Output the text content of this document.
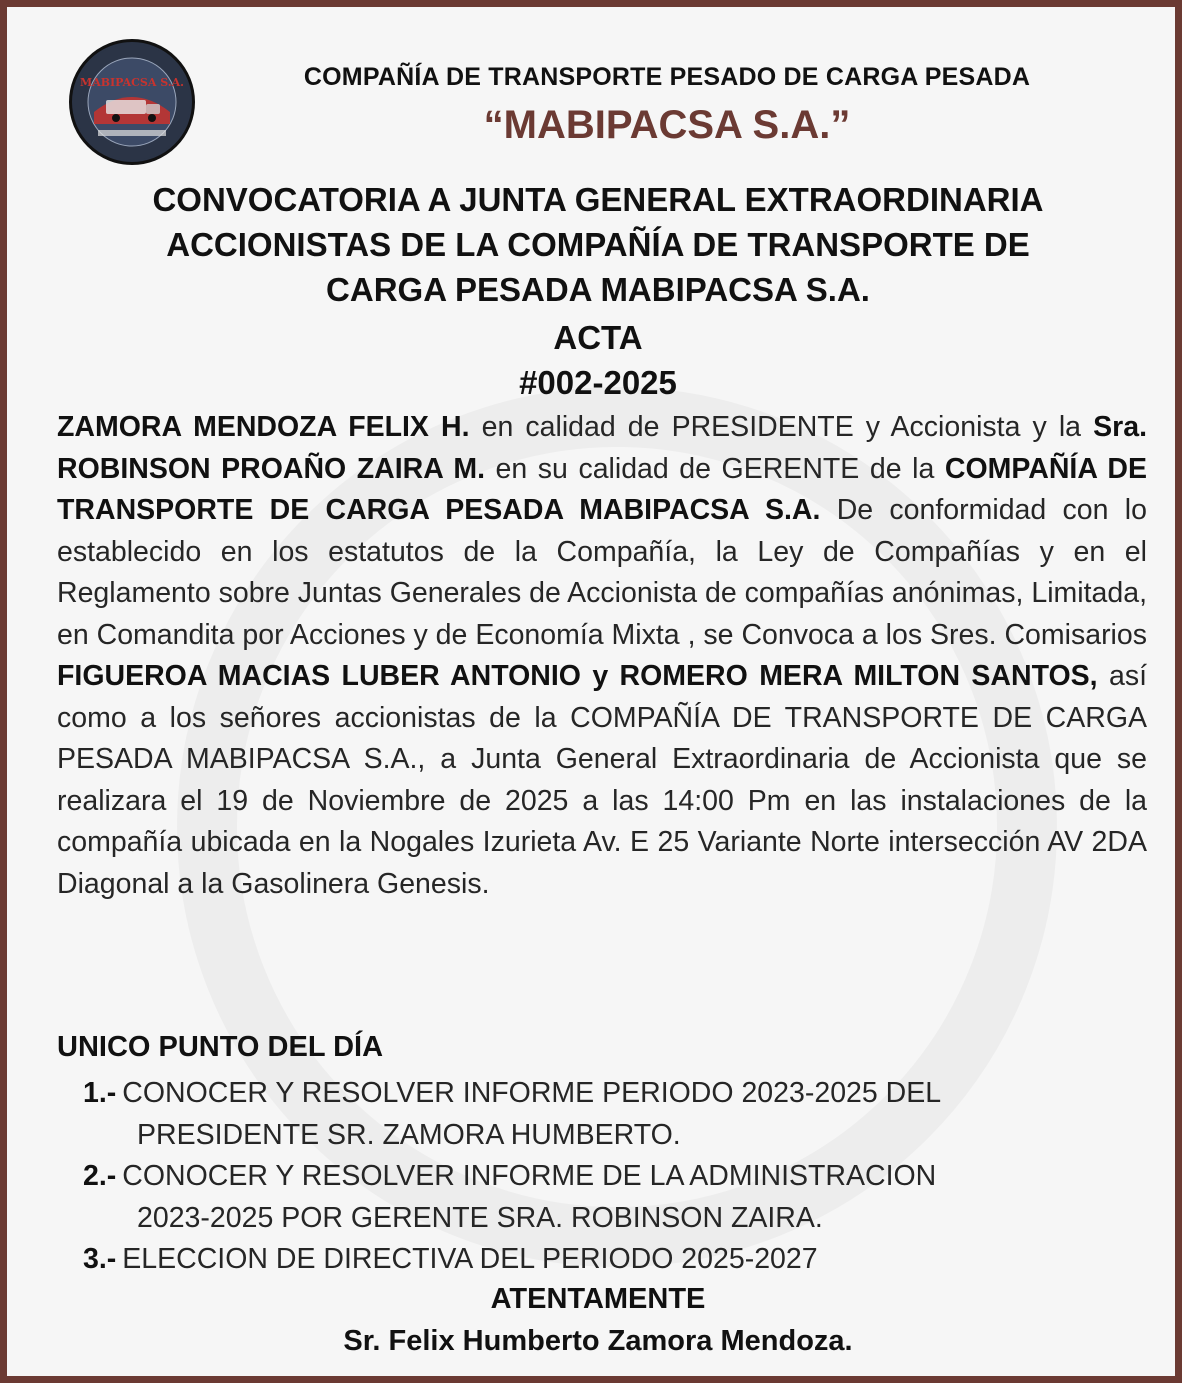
MABIPACSA S.A.	COMPAÑÍA DE TRANSPORTE PESADO DE CARGA PESADA
“MABIPACSA S.A.”
CONVOCATORIA A JUNTA GENERAL EXTRAORDINARIA
ACCIONISTAS DE LA COMPAÑÍA DE TRANSPORTE DE
CARGA PESADA MABIPACSA S.A.
ACTA
#002-2025
ZAMORA MENDOZA FELIX H. en calidad de PRESIDENTE y Accionista y la Sra. ROBINSON PROAÑO ZAIRA M. en su calidad de GERENTE de la COMPAÑÍA DE TRANSPORTE DE CARGA PESADA MABIPACSA S.A. De conformidad con lo establecido en los estatutos de la Compañía, la Ley de Compañías y en el Reglamento sobre Juntas Generales de Accionista de compañías anónimas, Limitada, en Comandita por Acciones y de Economía Mixta , se Convoca a los Sres. Comisarios FIGUEROA MACIAS LUBER ANTONIO y ROMERO MERA MILTON SANTOS, así como a los señores accionistas de la COMPAÑÍA DE TRANSPORTE DE CARGA PESADA MABIPACSA S.A., a Junta General Extraordinaria de Accionista que se realizara el 19 de Noviembre de 2025 a las 14:00 Pm en las instalaciones de la compañía ubicada en la Nogales Izurieta Av. E 25 Variante Norte intersección AV 2DA Diagonal a la Gasolinera Genesis.
UNICO PUNTO DEL DÍA
1.- CONOCER Y RESOLVER INFORME PERIODO 2023-2025 DEL
PRESIDENTE SR. ZAMORA HUMBERTO.
2.- CONOCER Y RESOLVER INFORME DE LA ADMINISTRACION
2023-2025 POR GERENTE SRA. ROBINSON ZAIRA.
3.- ELECCION DE DIRECTIVA DEL PERIODO 2025-2027
ATENTAMENTE
Sr. Felix Humberto Zamora Mendoza.
